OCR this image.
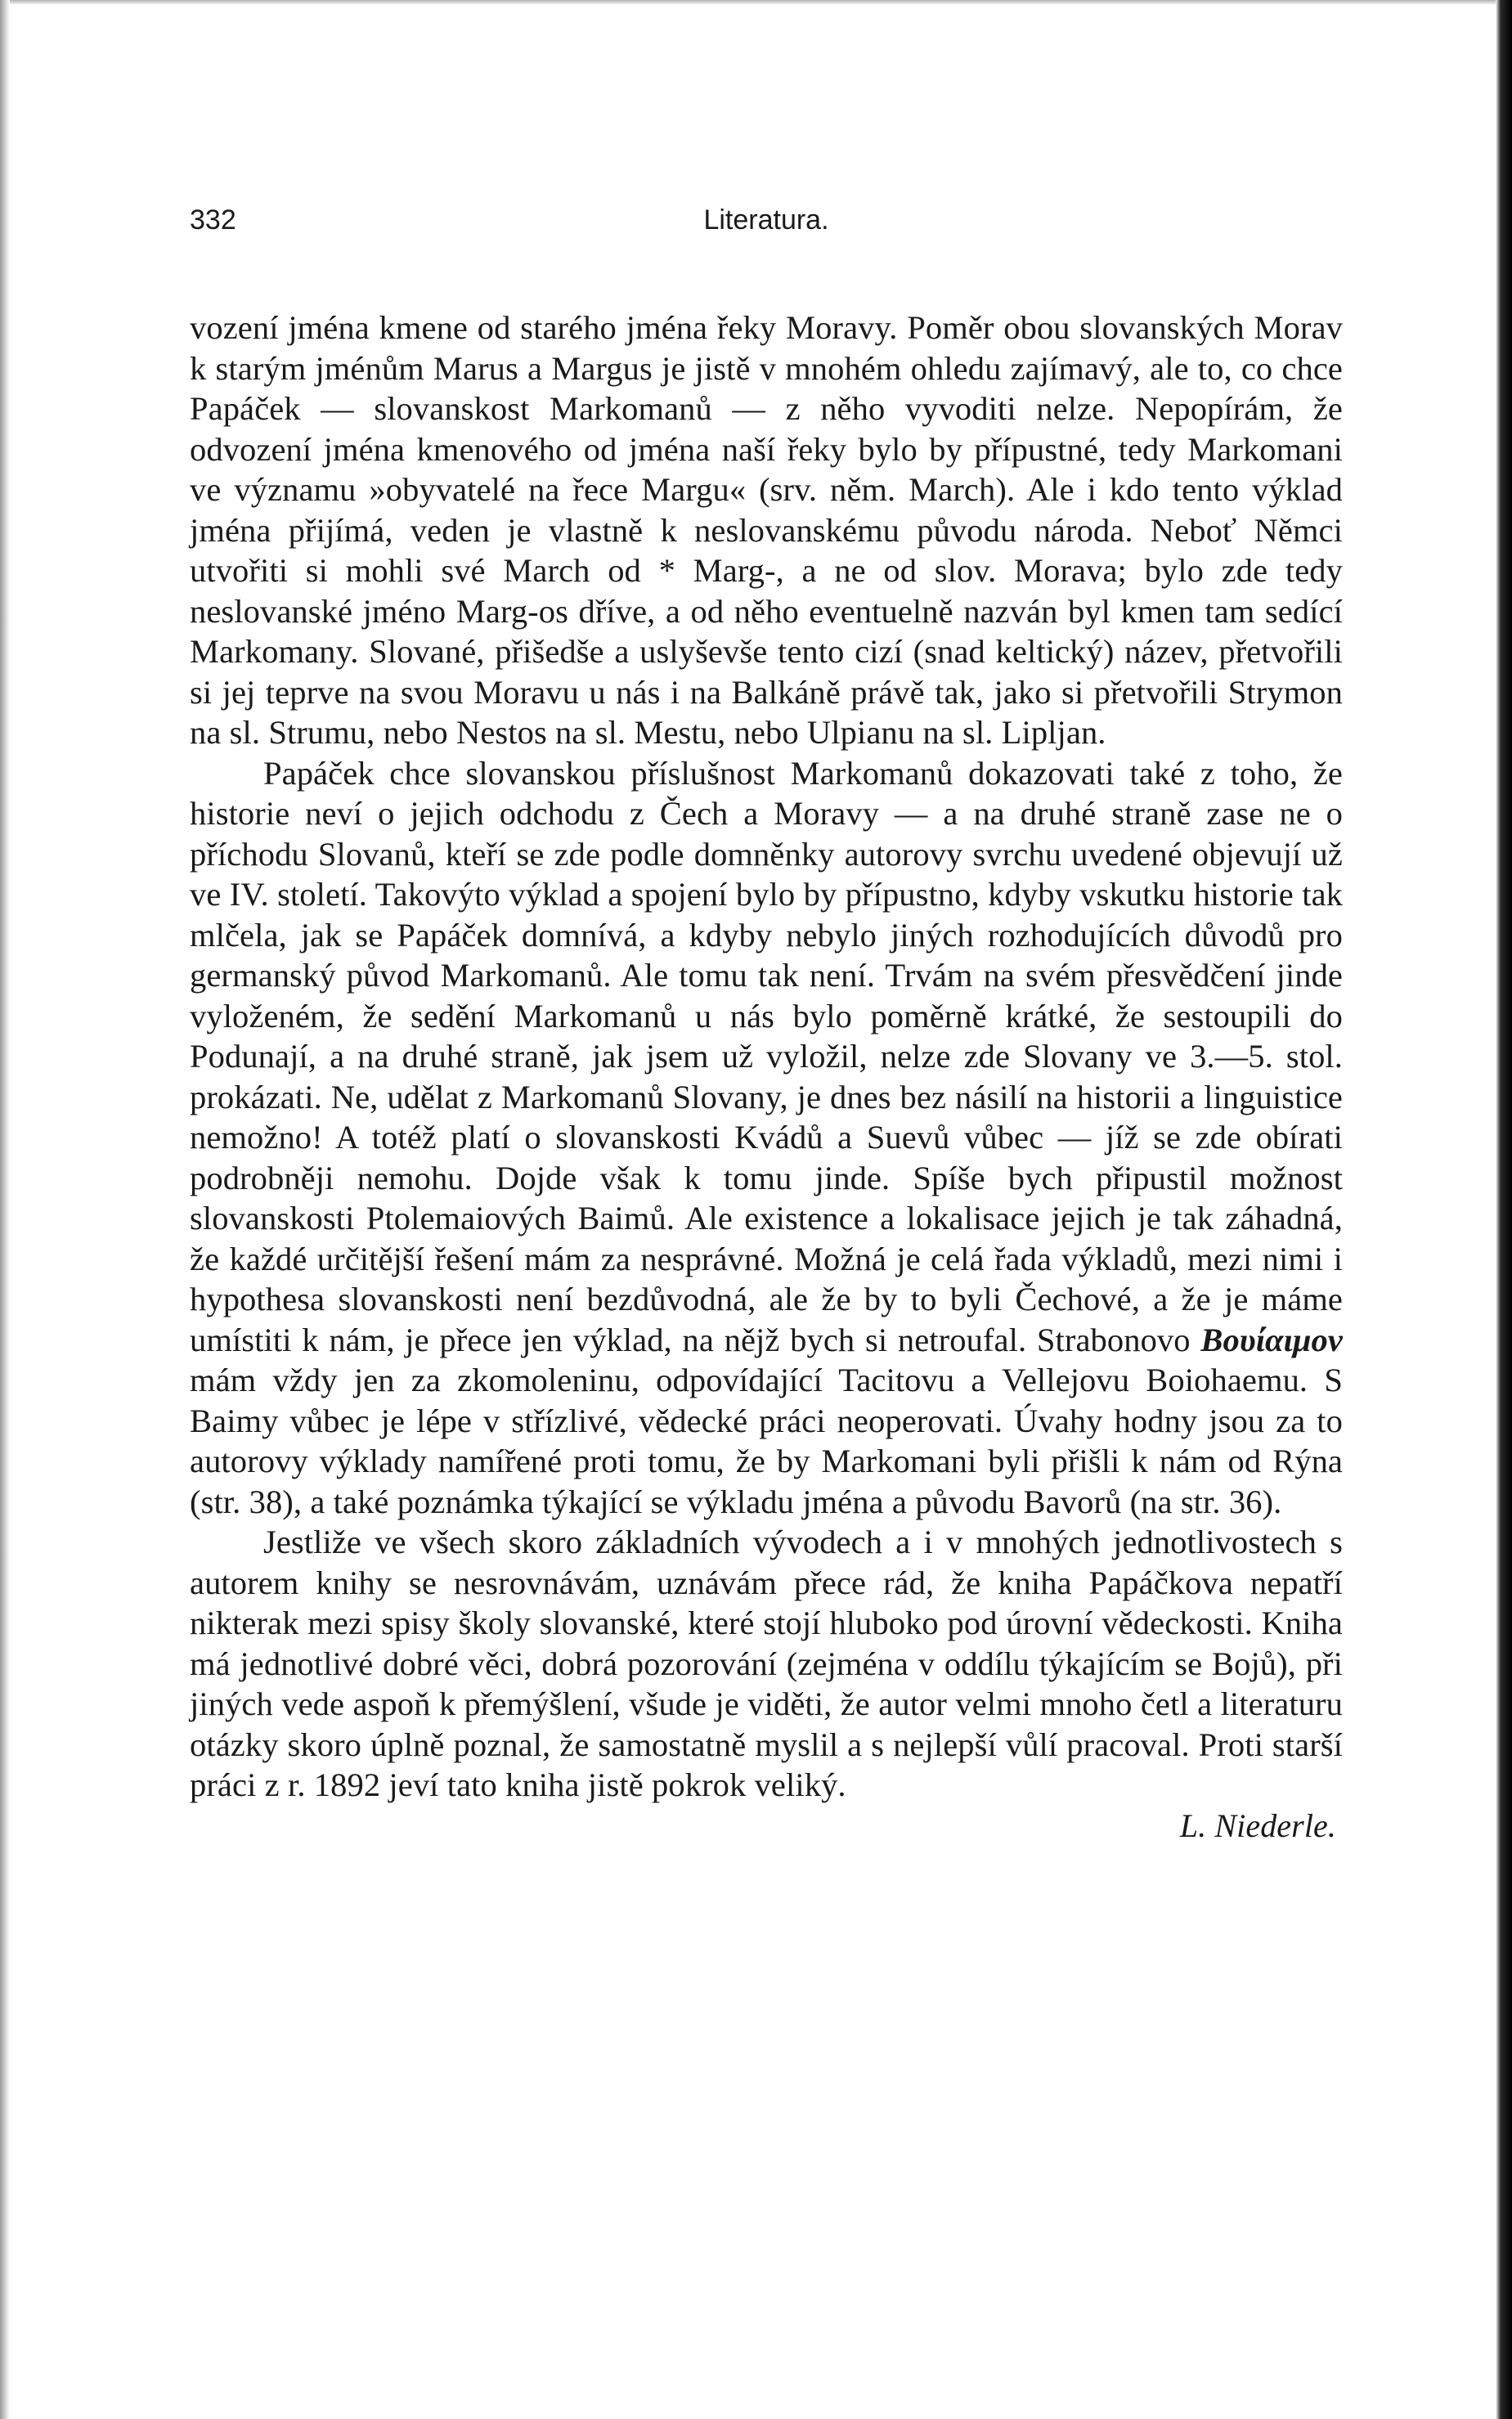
332	Literatura.

vození jména kmene od starého jména řeky Moravy. Poměr obou slovanských Morav k starým jménům Marus a Margus je jistě v mnohém ohledu zajímavý, ale to, co chce Papáček — slovanskost Markomanů — z něho vyvoditi nelze. Nepopírám, že odvození jména kmenového od jména naší řeky bylo by přípustné, tedy Markomani ve významu »obyvatelé na řece Margu« (srv. něm. March). Ale i kdo tento výklad jména přijímá, veden je vlastně k neslovanskému původu národa. Neboť Němci utvořiti si mohli své March od * Marg-, a ne od slov. Morava; bylo zde tedy neslovanské jméno Marg-os dříve, a od něho eventuelně nazván byl kmen tam sedící Markomany. Slované, přišedše a uslyševše tento cizí (snad keltický) název, přetvořili si jej teprve na svou Moravu u nás i na Balkáně právě tak, jako si přetvořili Strymon na sl. Strumu, nebo Nestos na sl. Mestu, nebo Ulpianu na sl. Lipljan.

Papáček chce slovanskou příslušnost Markomanů dokazovati také z toho, že historie neví o jejich odchodu z Čech a Moravy — a na druhé straně zase ne o příchodu Slovanů, kteří se zde podle domněnky autorovy svrchu uvedené objevují už ve IV. století. Takovýto výklad a spojení bylo by přípustno, kdyby vskutku historie tak mlčela, jak se Papáček domnívá, a kdyby nebylo jiných rozhodujících důvodů pro germanský původ Markomanů. Ale tomu tak není. Trvám na svém přesvědčení jinde vyloženém, že sedění Markomanů u nás bylo poměrně krátké, že sestoupili do Podunají, a na druhé straně, jak jsem už vyložil, nelze zde Slovany ve 3.—5. stol. prokázati. Ne, udělat z Markomanů Slovany, je dnes bez násilí na historii a linguistice nemožno! A totéž platí o slovanskosti Kvádů a Suevů vůbec — jíž se zde obírati podrobněji nemohu. Dojde však k tomu jinde. Spíše bych připustil možnost slovanskosti Ptolemaiových Baimů. Ale existence a lokalisace jejich je tak záhadná, že každé určitější řešení mám za nesprávné. Možná je celá řada výkladů, mezi nimi i hypothesa slovanskosti není bezdůvodná, ale že by to byli Čechové, a že je máme umístiti k nám, je přece jen výklad, na nějž bych si netroufal. Strabonovo Βουίαιμον mám vždy jen za zkomoleninu, odpovídající Tacitovu a Vellejovu Boiohaemu. S Baimy vůbec je lépe v střízlivé, vědecké práci neoperovati. Úvahy hodny jsou za to autorovy výklady namířené proti tomu, že by Markomani byli přišli k nám od Rýna (str. 38), a také poznámka týkající se výkladu jména a původu Bavorů (na str. 36).

Jestliže ve všech skoro základních vývodech a i v mnohých jednotlivostech s autorem knihy se nesrovnávám, uznávám přece rád, že kniha Papáčkova nepatří nikterak mezi spisy školy slovanské, které stojí hluboko pod úrovní vědeckosti. Kniha má jednotlivé dobré věci, dobrá pozorování (zejména v oddílu týkajícím se Bojů), při jiných vede aspoň k přemýšlení, všude je viděti, že autor velmi mnoho četl a literaturu otázky skoro úplně poznal, že samostatně myslil a s nejlepší vůlí pracoval. Proti starší práci z r. 1892 jeví tato kniha jistě pokrok veliký.

L. Niederle.
